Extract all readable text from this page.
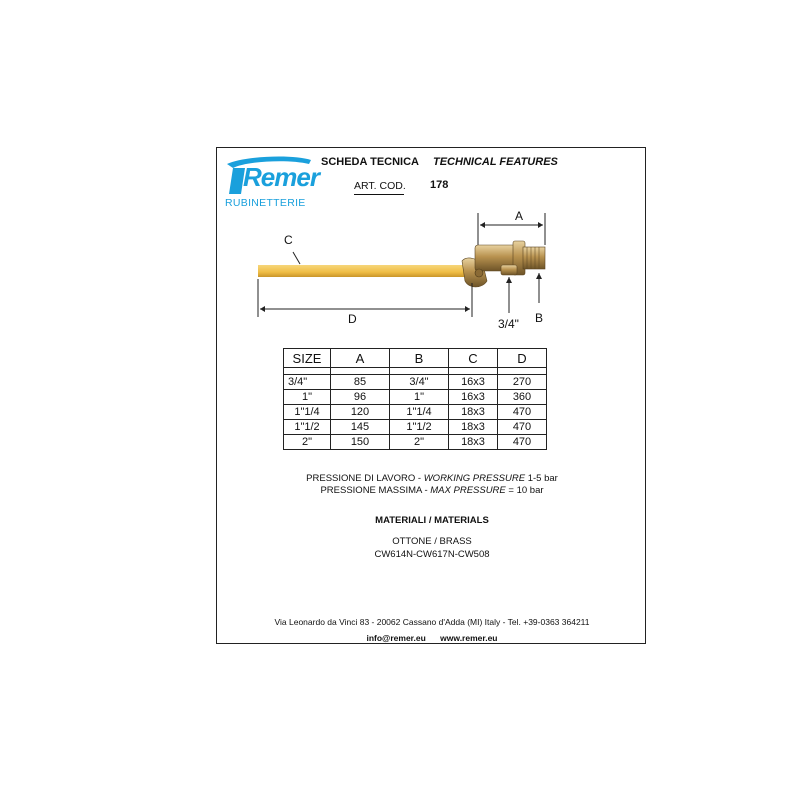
Remer
RUBINETTERIE
SCHEDA TECNICA TECHNICAL FEATURES
ART. COD. 178
A
C
D	3/4" B
SIZE	A	B	C	D

3/4"	85	3/4"	16x3	270
1"	96	1"	16x3	360
1"1/4	120	1"1/4	18x3	470
1"1/2	145	1"1/2	18x3	470
2"	150	2"	18x3	470
PRESSIONE DI LAVORO - WORKING PRESSURE 1-5 bar
PRESSIONE MASSIMA - MAX PRESSURE = 10 bar
MATERIALI / MATERIALS
OTTONE / BRASS
CW614N-CW617N-CW508
Via Leonardo da Vinci 83 - 20062 Cassano d'Adda (MI) Italy - Tel. +39-0363 364211
info@remer.eu www.remer.eu
